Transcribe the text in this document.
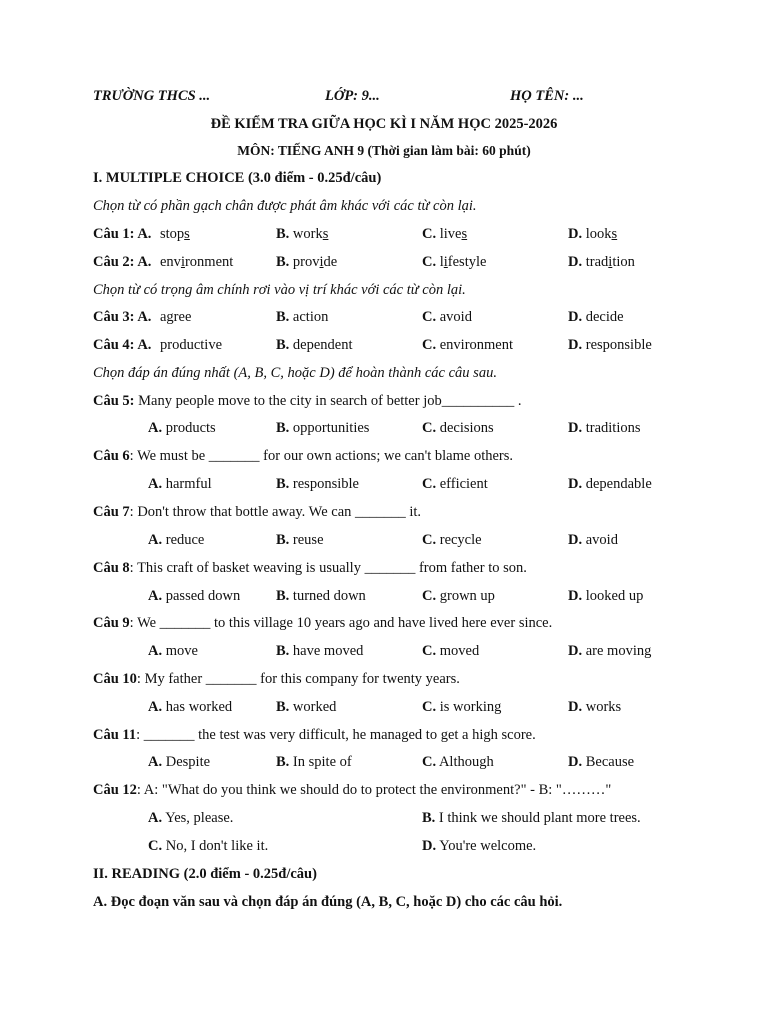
TRƯỜNG THCS ...	LỚP: 9...	HỌ TÊN: ...
ĐỀ KIỂM TRA GIỮA HỌC KÌ I NĂM HỌC 2025-2026
MÔN: TIẾNG ANH 9 (Thời gian làm bài: 60 phút)
I. MULTIPLE CHOICE (3.0 điểm - 0.25đ/câu)
Chọn từ có phần gạch chân được phát âm khác với các từ còn lại.
Câu 1: A. stops	B. works	C. lives	D. looks
Câu 2: A. environment	B. provide	C. lifestyle	D. tradition
Chọn từ có trọng âm chính rơi vào vị trí khác với các từ còn lại.
Câu 3: A. agree	B. action	C. avoid	D. decide
Câu 4: A. productive	B. dependent	C. environment	D. responsible
Chọn đáp án đúng nhất (A, B, C, hoặc D) để hoàn thành các câu sau.
Câu 5: Many people move to the city in search of better job__________ .
A. products	B. opportunities	C. decisions	D. traditions
Câu 6: We must be _______ for our own actions; we can't blame others.
A. harmful	B. responsible	C. efficient	D. dependable
Câu 7: Don't throw that bottle away. We can _______ it.
A. reduce	B. reuse	C. recycle	D. avoid
Câu 8: This craft of basket weaving is usually _______ from father to son.
A. passed down B. turned down	C. grown up	D. looked up
Câu 9: We _______ to this village 10 years ago and have lived here ever since.
A. move	B. have moved	C. moved	D. are moving
Câu 10: My father _______ for this company for twenty years.
A. has worked	B. worked	C. is working	D. works
Câu 11: _______ the test was very difficult, he managed to get a high score.
A. Despite	B. In spite of	C. Although	D. Because
Câu 12: A: "What do you think we should do to protect the environment?" - B: "………"
A. Yes, please.	B. I think we should plant more trees.
C. No, I don't like it.	D. You're welcome.
II. READING (2.0 điểm - 0.25đ/câu)
A. Đọc đoạn văn sau và chọn đáp án đúng (A, B, C, hoặc D) cho các câu hỏi.
